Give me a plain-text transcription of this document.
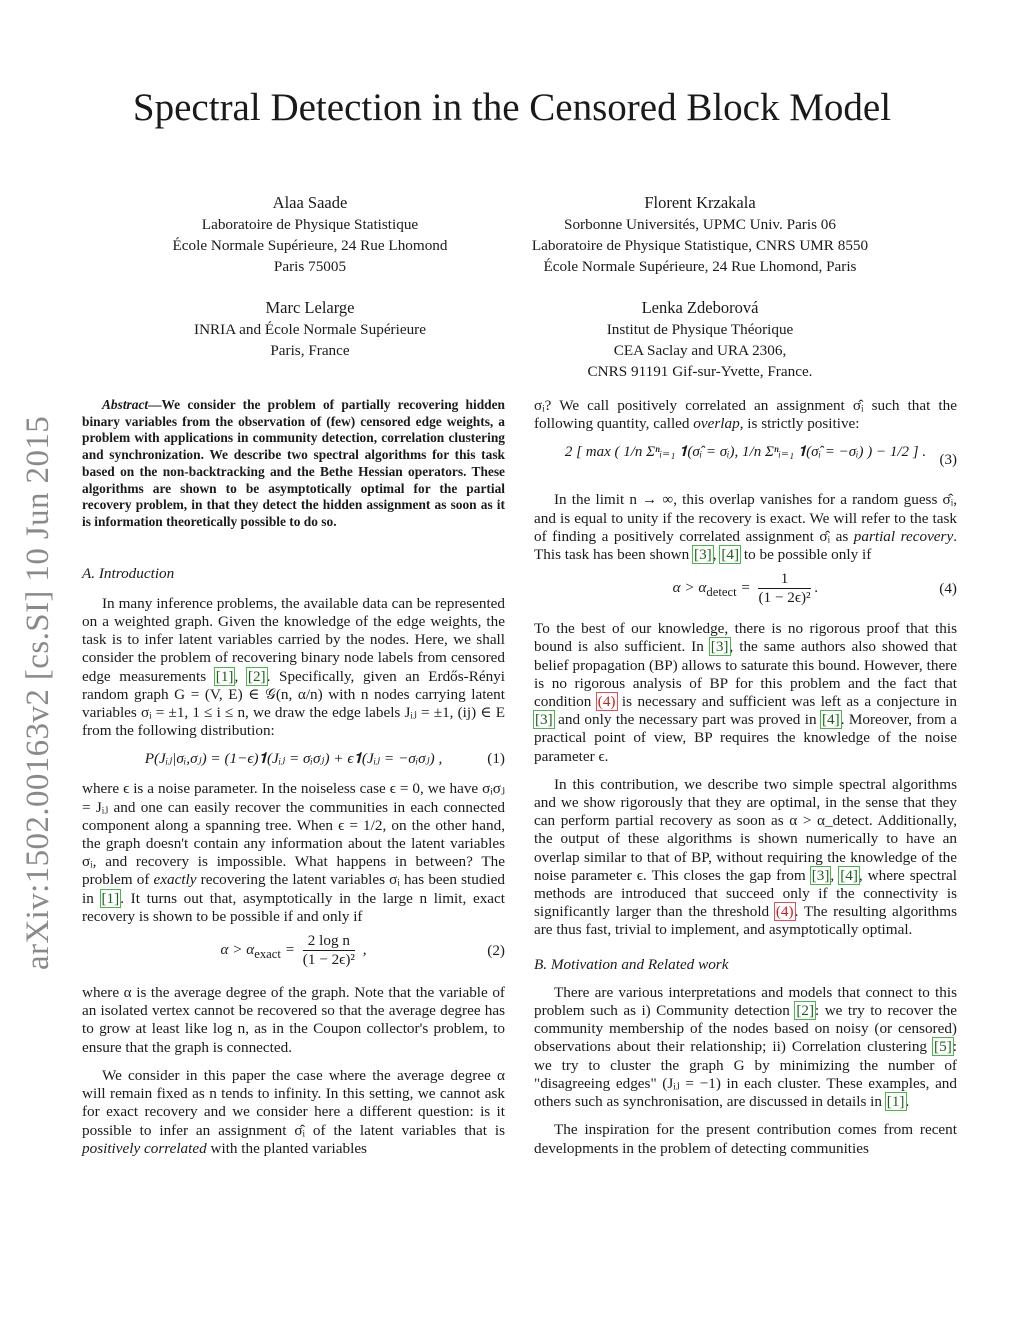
arXiv:1502.00163v2 [cs.SI] 10 Jun 2015
Spectral Detection in the Censored Block Model
Alaa Saade
Laboratoire de Physique Statistique
École Normale Supérieure, 24 Rue Lhomond
Paris 75005
Florent Krzakala
Sorbonne Universités, UPMC Univ. Paris 06
Laboratoire de Physique Statistique, CNRS UMR 8550
École Normale Supérieure, 24 Rue Lhomond, Paris
Marc Lelarge
INRIA and École Normale Supérieure
Paris, France
Lenka Zdeborová
Institut de Physique Théorique
CEA Saclay and URA 2306,
CNRS 91191 Gif-sur-Yvette, France.

Abstract—We consider the problem of partially recovering hidden binary variables from the observation of (few) censored edge weights, a problem with applications in community detection, correlation clustering and synchronization. We describe two spectral algorithms for this task based on the non-backtracking and the Bethe Hessian operators. These algorithms are shown to be asymptotically optimal for the partial recovery problem, in that they detect the hidden assignment as soon as it is information theoretically possible to do so.

A. Introduction

In many inference problems, the available data can be represented on a weighted graph. Given the knowledge of the edge weights, the task is to infer latent variables carried by the nodes. Here, we shall consider the problem of recovering binary node labels from censored edge measurements [1], [2]. Specifically, given an Erdős-Rényi random graph G = (V, E) ∈ 𝒢(n, α/n) with n nodes carrying latent variables σᵢ = ±1, 1 ≤ i ≤ n, we draw the edge labels Jᵢⱼ = ±1, (ij) ∈ E from the following distribution:

P(Jᵢⱼ|σᵢ,σⱼ) = (1−ϵ)𝟏(Jᵢⱼ = σᵢσⱼ) + ϵ𝟏(Jᵢⱼ = −σᵢσⱼ) ,	(1)

where ϵ is a noise parameter. In the noiseless case ϵ = 0, we have σᵢσⱼ = Jᵢⱼ and one can easily recover the communities in each connected component along a spanning tree. When ϵ = 1/2, on the other hand, the graph doesn't contain any information about the latent variables σᵢ, and recovery is impossible. What happens in between? The problem of exactly recovering the latent variables σᵢ has been studied in [1]. It turns out that, asymptotically in the large n limit, exact recovery is shown to be possible if and only if

$\alpha > \alpha_{exact} = \frac{\text{2 log n}}{\text{(1 − 2ϵ)²}}$ ,	(2)

where α is the average degree of the graph. Note that the variable of an isolated vertex cannot be recovered so that the average degree has to grow at least like log n, as in the Coupon collector's problem, to ensure that the graph is connected.

We consider in this paper the case where the average degree α will remain fixed as n tends to infinity. In this setting, we cannot ask for exact recovery and we consider here a different question: is it possible to infer an assignment σ̂ᵢ of the latent variables that is positively correlated with the planted variables

σᵢ? We call positively correlated an assignment σ̂ᵢ such that the following quantity, called overlap, is strictly positive:

2 [ max ( 1/n Σⁿᵢ₌₁ 𝟏(σ̂ᵢ = σᵢ), 1/n Σⁿᵢ₌₁ 𝟏(σ̂ᵢ = −σᵢ) ) − 1/2 ] . (3)

In the limit n → ∞, this overlap vanishes for a random guess σ̂ᵢ, and is equal to unity if the recovery is exact. We will refer to the task of finding a positively correlated assignment σ̂ᵢ as partial recovery. This task has been shown [3], [4] to be possible only if

$\alpha > \alpha_{detect} = \frac{1}{\text{(1 − 2ϵ)²}}$ .	(4)

To the best of our knowledge, there is no rigorous proof that this bound is also sufficient. In [3], the same authors also showed that belief propagation (BP) allows to saturate this bound. However, there is no rigorous analysis of BP for this problem and the fact that condition (4) is necessary and sufficient was left as a conjecture in [3] and only the necessary part was proved in [4]. Moreover, from a practical point of view, BP requires the knowledge of the noise parameter ϵ.

In this contribution, we describe two simple spectral algorithms and we show rigorously that they are optimal, in the sense that they can perform partial recovery as soon as α > α_detect. Additionally, the output of these algorithms is shown numerically to have an overlap similar to that of BP, without requiring the knowledge of the noise parameter ϵ. This closes the gap from [3], [4], where spectral methods are introduced that succeed only if the connectivity is significantly larger than the threshold (4). The resulting algorithms are thus fast, trivial to implement, and asymptotically optimal.

B. Motivation and Related work

There are various interpretations and models that connect to this problem such as i) Community detection [2]: we try to recover the community membership of the nodes based on noisy (or censored) observations about their relationship; ii) Correlation clustering [5]: we try to cluster the graph G by minimizing the number of "disagreeing edges" (Jᵢⱼ = −1) in each cluster. These examples, and others such as synchronisation, are discussed in details in [1].

The inspiration for the present contribution comes from recent developments in the problem of detecting communities
